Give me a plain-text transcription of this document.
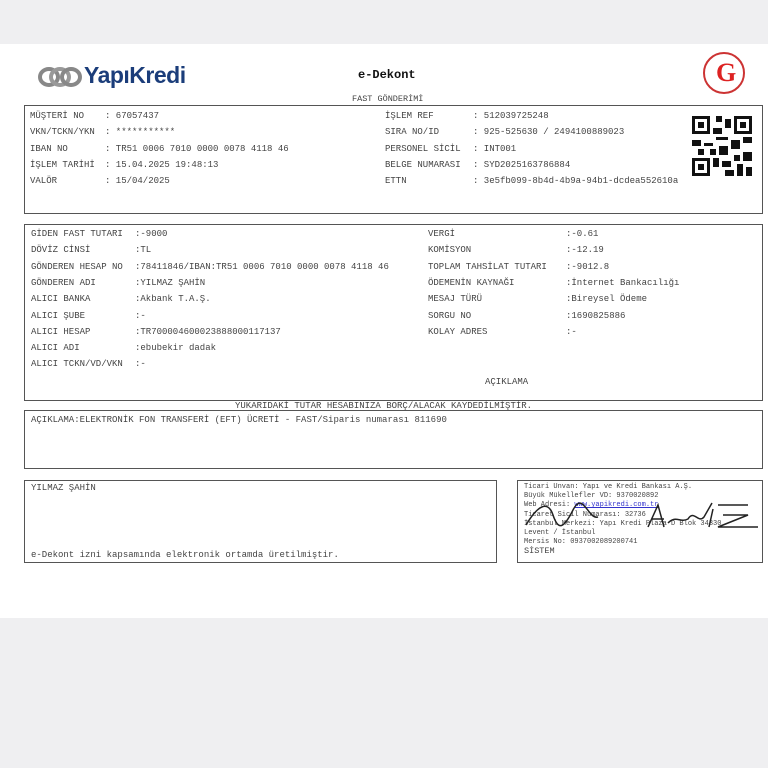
YapıKredi	e-Dekont	G
FAST GÖNDERİMİ
MÜŞTERİ NO : 67057437
VKN/TCKN/YKN : ***********
IBAN NO	: TR51 0006 7010 0000 0078 4118 46
İŞLEM TARİHİ : 15.04.2025 19:48:13
VALÖR	: 15/04/2025
İŞLEM REF	: 512039725248
SIRA NO/ID	: 925-525630 / 2494100889023
PERSONEL SİCİL : INT001
BELGE NUMARASI : SYD2025163786884
ETTN	: 3e5fb099-8b4d-4b9a-94b1-dcdea552610a
GİDEN FAST TUTARI :-9000
DÖVİZ CİNSİ	:TL
GÖNDEREN HESAP NO :78411846/IBAN:TR51 0006 7010 0000 0078 4118 46
GÖNDEREN ADI	:YILMAZ ŞAHİN
ALICI BANKA	:Akbank T.A.Ş.
ALICI ŞUBE	:-
ALICI HESAP	:TR700004600023888000117137
ALICI ADI	:ebubekir dadak
ALICI TCKN/VD/VKN :-
VERGİ	:-0.61
KOMİSYON	:-12.19
TOPLAM TAHSİLAT TUTARI :-9012.8
ÖDEMENİN KAYNAĞI	:İnternet Bankacılığı
MESAJ TÜRÜ	:Bireysel Ödeme
SORGU NO	:1690825886
KOLAY ADRES	:-
AÇIKLAMA
YUKARIDAKİ TUTAR HESABINIZA BORÇ/ALACAK KAYDEDİLMİŞTİR.
AÇIKLAMA:ELEKTRONİK FON TRANSFERİ (EFT) ÜCRETİ - FAST/Siparis numarası 811690
YILMAZ ŞAHİN
e-Dekont izni kapsamında elektronik ortamda üretilmiştir.
Ticari Unvan: Yapı ve Kredi Bankası A.Ş.
Büyük Mükellefler VD: 9370020892
Web Adresi: www.yapikredi.com.tr
Ticaret Sicil Numarası: 32736
İstanbul Merkezi: Yapı Kredi Plaza D Blok 34330
Levent / İstanbul
Mersis No: 0937002089200741
SİSTEM
